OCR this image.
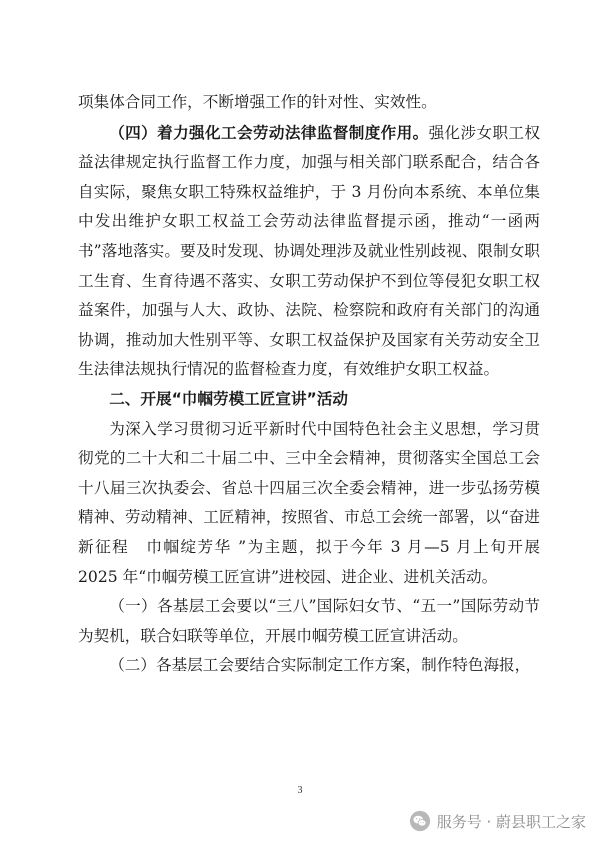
项集体合同工作，不断增强工作的针对性、实效性。

（四）着力强化工会劳动法律监督制度作用。强化涉女职工权益法律规定执行监督工作力度，加强与相关部门联系配合，结合各自实际，聚焦女职工特殊权益维护，于 3 月份向本系统、本单位集中发出维护女职工权益工会劳动法律监督提示函，推动“一函两书”落地落实。要及时发现、协调处理涉及就业性别歧视、限制女职工生育、生育待遇不落实、女职工劳动保护不到位等侵犯女职工权益案件，加强与人大、政协、法院、检察院和政府有关部门的沟通协调，推动加大性别平等、女职工权益保护及国家有关劳动安全卫生法律法规执行情况的监督检查力度，有效维护女职工权益。

二、开展“巾帼劳模工匠宣讲”活动

为深入学习贯彻习近平新时代中国特色社会主义思想，学习贯彻党的二十大和二十届二中、三中全会精神，贯彻落实全国总工会十八届三次执委会、省总十四届三次全委会精神，进一步弘扬劳模精神、劳动精神、工匠精神，按照省、市总工会统一部署，以“奋进新征程　巾帼绽芳华 ”为主题，拟于今年 3 月—5 月上旬开展 2025 年“巾帼劳模工匠宣讲”进校园、进企业、进机关活动。

（一）各基层工会要以“三八”国际妇女节、“五一”国际劳动节为契机，联合妇联等单位，开展巾帼劳模工匠宣讲活动。

（二）各基层工会要结合实际制定工作方案，制作特色海报，

3
服务号 · 蔚县职工之家
